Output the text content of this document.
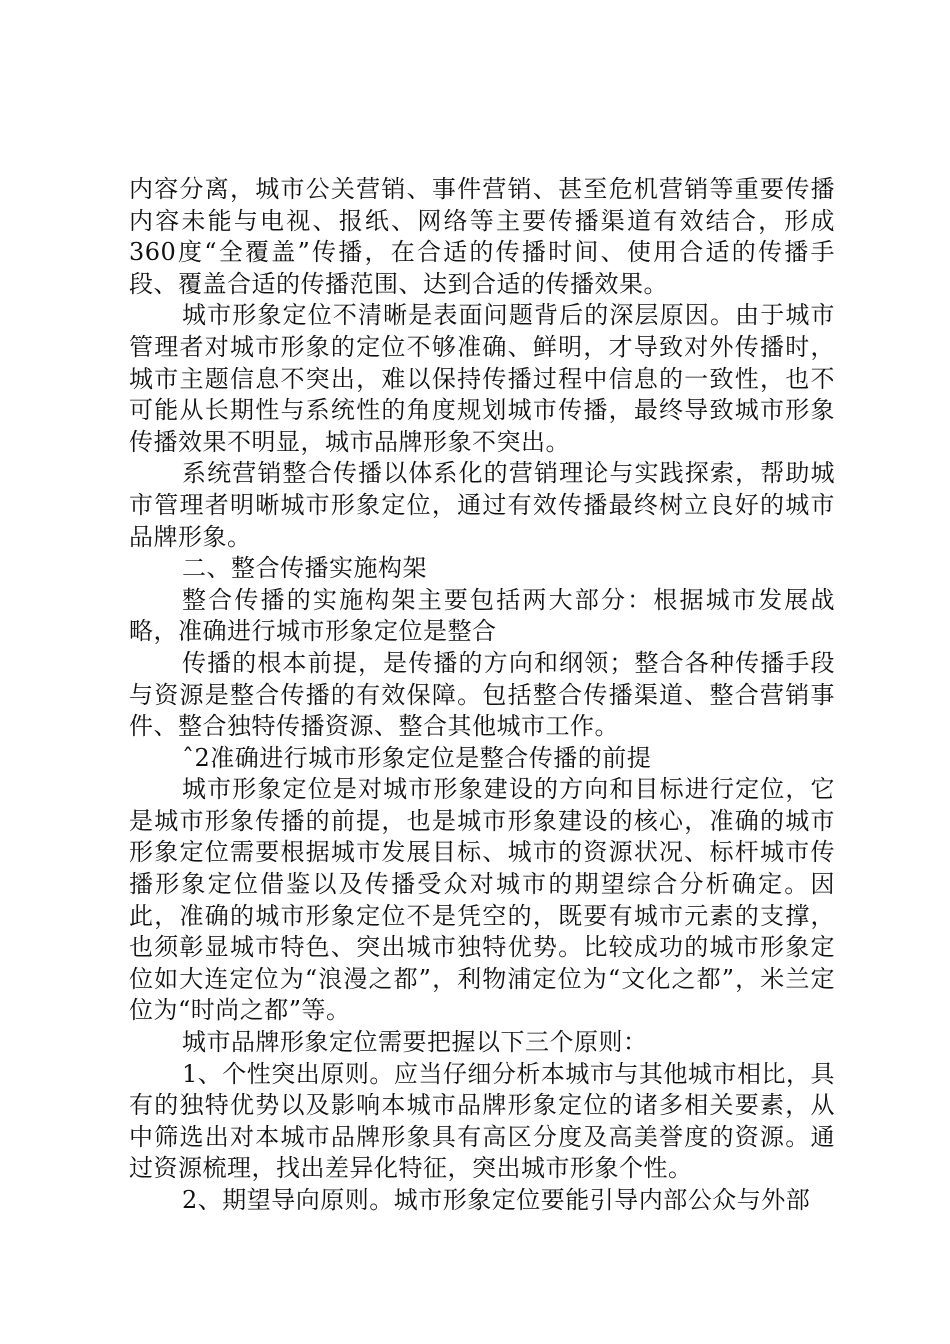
内容分离，城市公关营销、事件营销、甚至危机营销等重要传播内容未能与电视、报纸、网络等主要传播渠道有效结合，形成360度“全覆盖”传播，在合适的传播时间、使用合适的传播手段、覆盖合适的传播范围、达到合适的传播效果。

城市形象定位不清晰是表面问题背后的深层原因。由于城市管理者对城市形象的定位不够准确、鲜明，才导致对外传播时，城市主题信息不突出，难以保持传播过程中信息的一致性，也不可能从长期性与系统性的角度规划城市传播，最终导致城市形象传播效果不明显，城市品牌形象不突出。

系统营销整合传播以体系化的营销理论与实践探索，帮助城市管理者明晰城市形象定位，通过有效传播最终树立良好的城市品牌形象。

二、整合传播实施构架

整合传播的实施构架主要包括两大部分：根据城市发展战略，准确进行城市形象定位是整合

传播的根本前提，是传播的方向和纲领；整合各种传播手段与资源是整合传播的有效保障。包括整合传播渠道、整合营销事件、整合独特传播资源、整合其他城市工作。

ˆ2准确进行城市形象定位是整合传播的前提

城市形象定位是对城市形象建设的方向和目标进行定位，它是城市形象传播的前提，也是城市形象建设的核心，准确的城市形象定位需要根据城市发展目标、城市的资源状况、标杆城市传播形象定位借鉴以及传播受众对城市的期望综合分析确定。因此，准确的城市形象定位不是凭空的，既要有城市元素的支撑，也须彰显城市特色、突出城市独特优势。比较成功的城市形象定位如大连定位为“浪漫之都”，利物浦定位为“文化之都”，米兰定位为“时尚之都”等。

城市品牌形象定位需要把握以下三个原则：

1、个性突出原则。应当仔细分析本城市与其他城市相比，具有的独特优势以及影响本城市品牌形象定位的诸多相关要素，从中筛选出对本城市品牌形象具有高区分度及高美誉度的资源。通过资源梳理，找出差异化特征，突出城市形象个性。

2、期望导向原则。城市形象定位要能引导内部公众与外部
